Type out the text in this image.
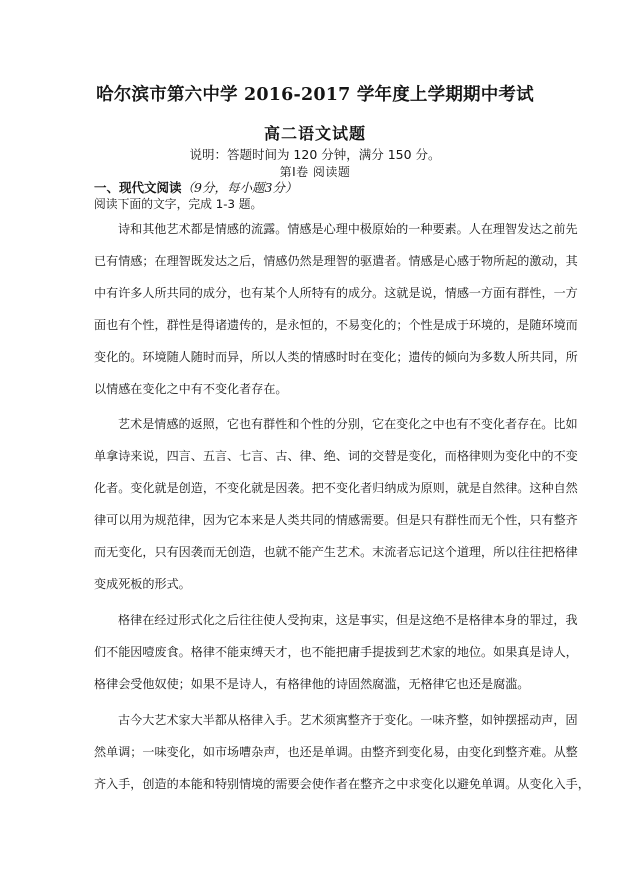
哈尔滨市第六中学 2016-2017 学年度上学期期中考试
高二语文试题
说明：答题时间为 120 分钟，满分 150 分。
第Ⅰ卷 阅读题
一、现代文阅读（9分，每小题3分）
阅读下面的文字，完成 1-3 题。
诗和其他艺术都是情感的流露。情感是心理中极原始的一种要素。人在理智发达之前先
已有情感；在理智既发达之后，情感仍然是理智的驱遣者。情感是心感于物所起的激动，其
中有许多人所共同的成分，也有某个人所特有的成分。这就是说，情感一方面有群性，一方
面也有个性，群性是得诸遗传的，是永恒的，不易变化的；个性是成于环境的，是随环境而
变化的。环境随人随时而异，所以人类的情感时时在变化；遗传的倾向为多数人所共同，所
以情感在变化之中有不变化者存在。
艺术是情感的返照，它也有群性和个性的分别，它在变化之中也有不变化者存在。比如
单拿诗来说，四言、五言、七言、古、律、绝、词的交替是变化，而格律则为变化中的不变
化者。变化就是创造，不变化就是因袭。把不变化者归纳成为原则，就是自然律。这种自然
律可以用为规范律，因为它本来是人类共同的情感需要。但是只有群性而无个性，只有整齐
而无变化，只有因袭而无创造，也就不能产生艺术。末流者忘记这个道理，所以往往把格律
变成死板的形式。
格律在经过形式化之后往往使人受拘束，这是事实，但是这绝不是格律本身的罪过，我
们不能因噎废食。格律不能束缚天才，也不能把庸手提拔到艺术家的地位。如果真是诗人，
格律会受他奴使；如果不是诗人，有格律他的诗固然腐滥，无格律它也还是腐滥。
古今大艺术家大半都从格律入手。艺术须寓整齐于变化。一味齐整，如钟摆摇动声，固
然单调；一味变化，如市场嘈杂声，也还是单调。由整齐到变化易，由变化到整齐难。从整
齐入手，创造的本能和特别情境的需要会使作者在整齐之中求变化以避免单调。从变化入手，
